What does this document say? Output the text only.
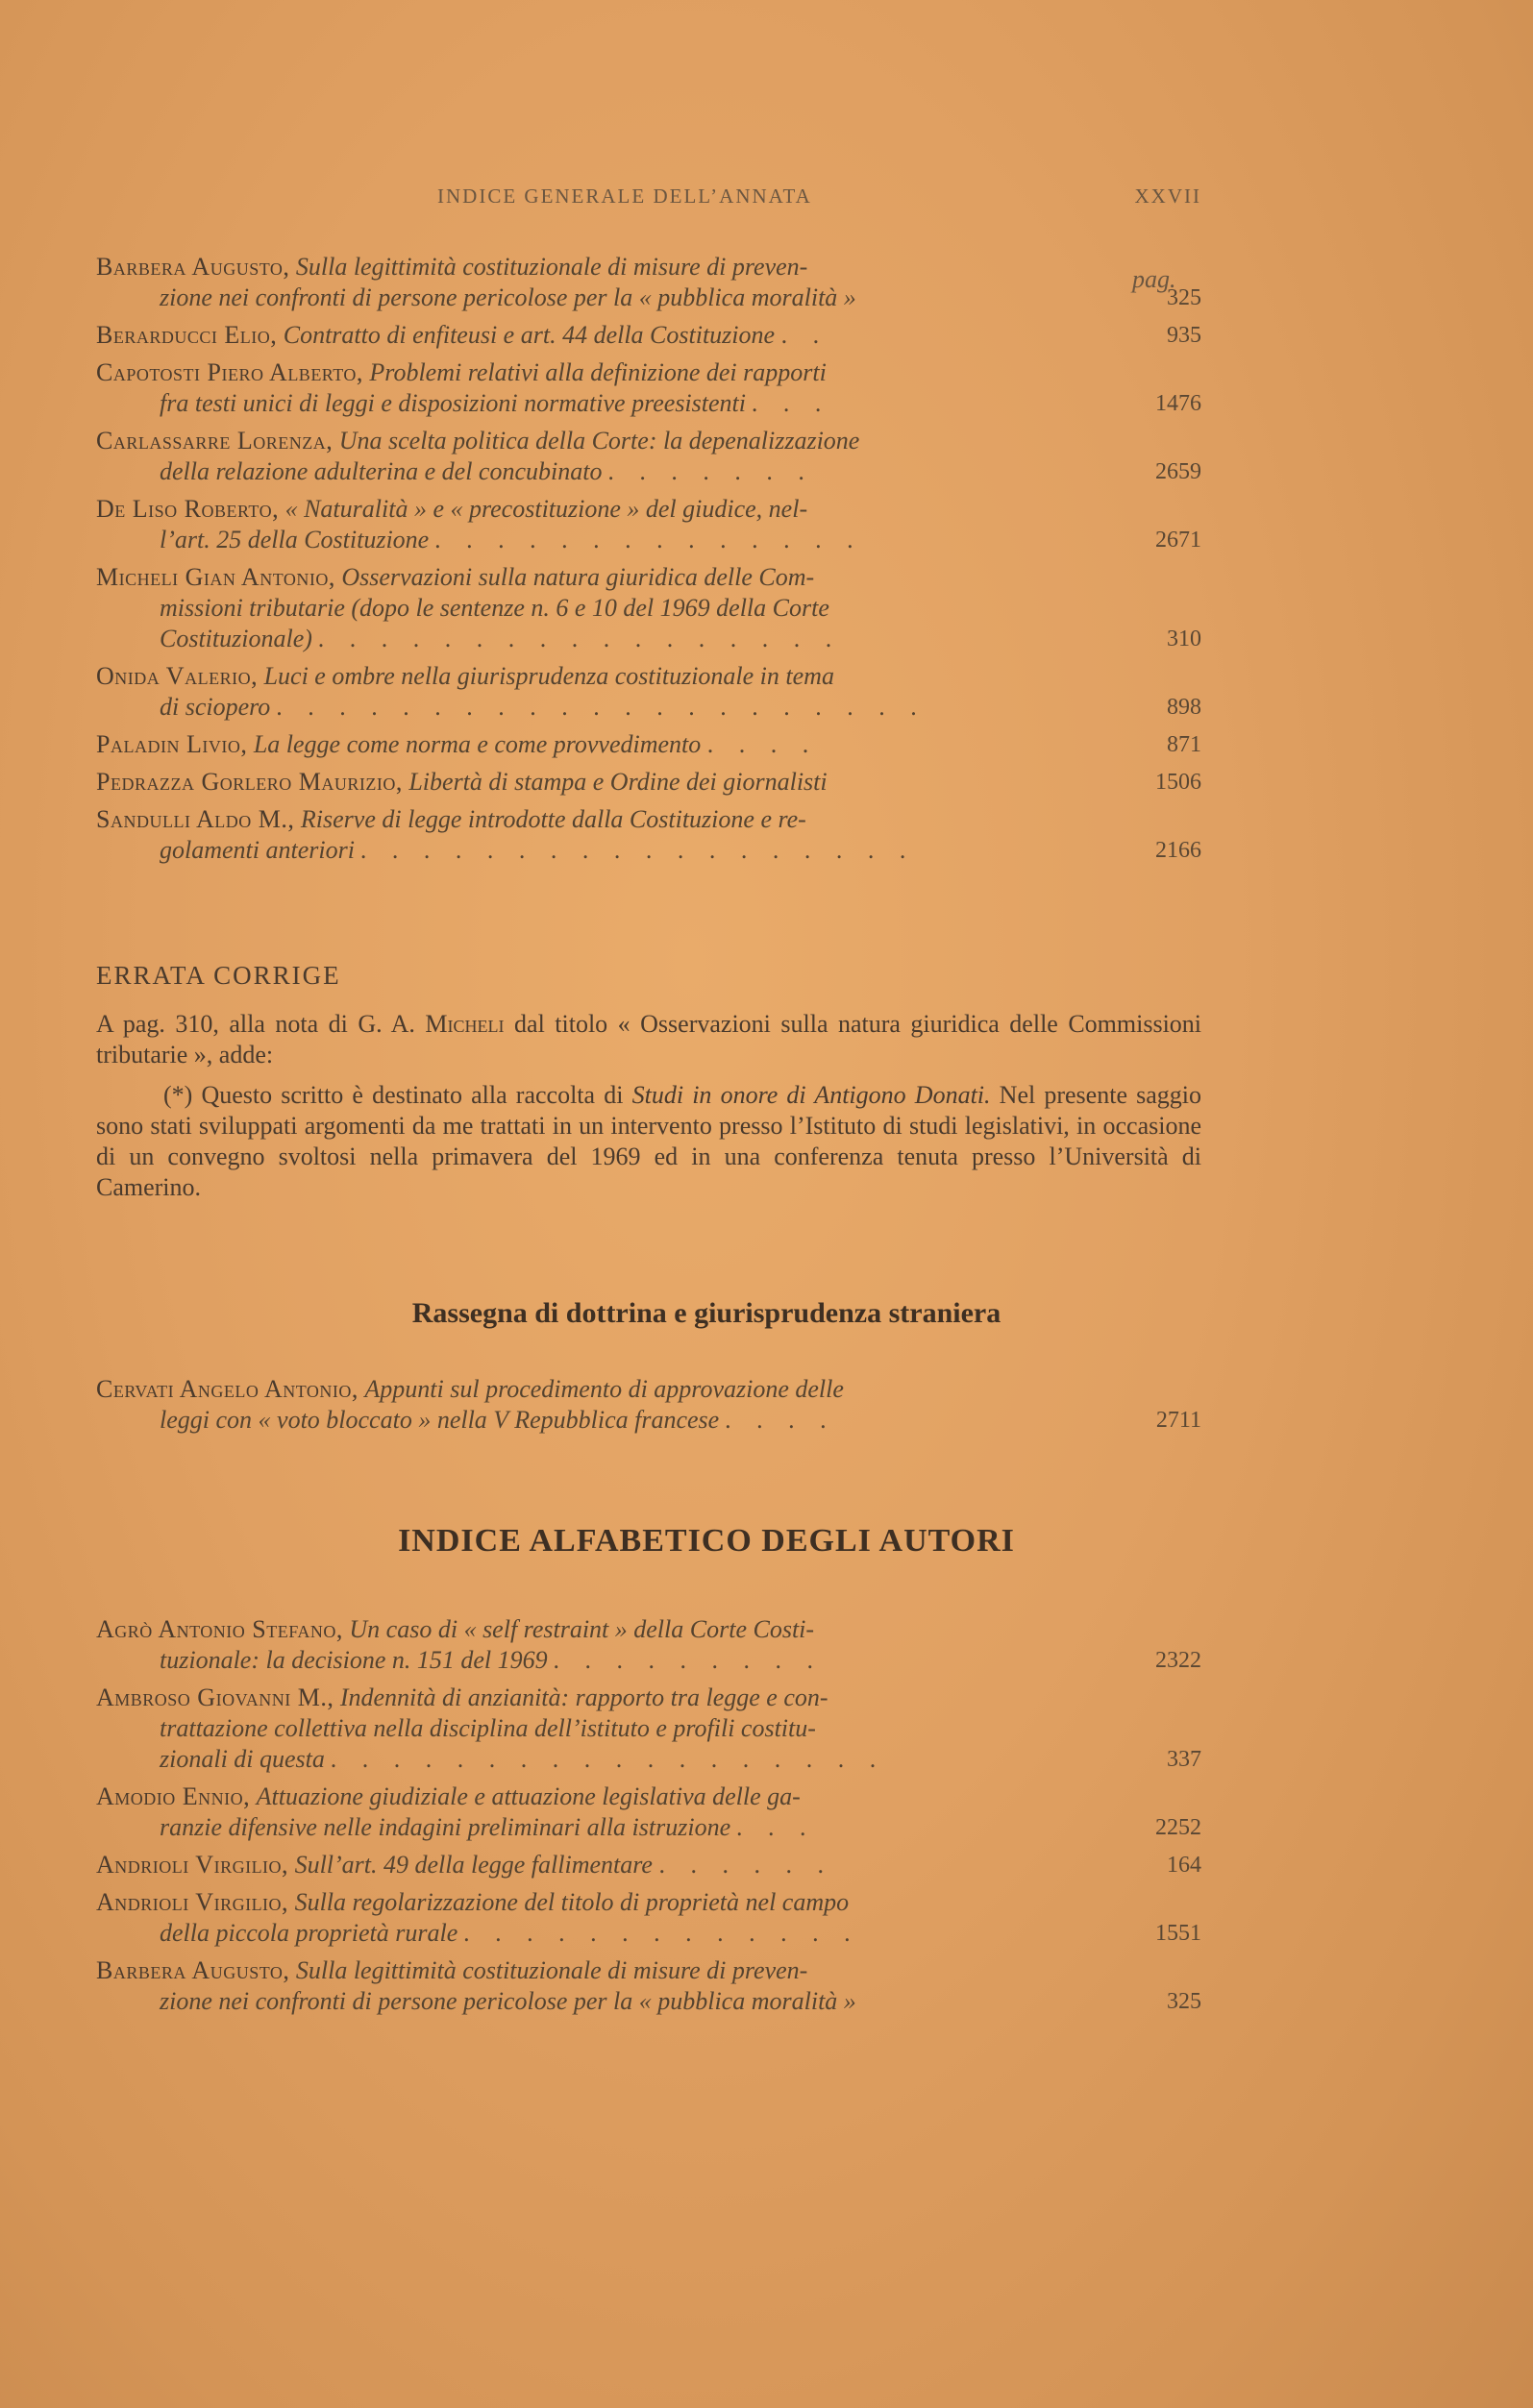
INDICE GENERALE DELL’ANNATA	XXVII
pag.
Barbera Augusto, Sulla legittimità costituzionale di misure di preven-
zione nei confronti di persone pericolose per la « pubblica moralità »	325
Berarducci Elio, Contratto di enfiteusi e art. 44 della Costituzione . .	935
Capotosti Piero Alberto, Problemi relativi alla definizione dei rapporti
fra testi unici di leggi e disposizioni normative preesistenti . . .	1476
Carlassarre Lorenza, Una scelta politica della Corte: la depenalizzazione
della relazione adulterina e del concubinato . . . . . . .	2659
De Liso Roberto, « Naturalità » e « precostituzione » del giudice, nel-
l’art. 25 della Costituzione . . . . . . . . . . . . . .	2671
Micheli Gian Antonio, Osservazioni sulla natura giuridica delle Com-
missioni tributarie (dopo le sentenze n. 6 e 10 del 1969 della Corte
Costituzionale) . . . . . . . . . . . . . . . . .	310
Onida Valerio, Luci e ombre nella giurisprudenza costituzionale in tema
di sciopero . . . . . . . . . . . . . . . . . . . . .	898
Paladin Livio, La legge come norma e come provvedimento . . . .	871
Pedrazza Gorlero Maurizio, Libertà di stampa e Ordine dei giornalisti	1506
Sandulli Aldo M., Riserve di legge introdotte dalla Costituzione e re-
golamenti anteriori . . . . . . . . . . . . . . . . . .	2166
ERRATA CORRIGE

A pag. 310, alla nota di G. A. Micheli dal titolo « Osservazioni sulla natura giuridica delle Commissioni tributarie », adde:

(*) Questo scritto è destinato alla raccolta di Studi in onore di Antigono Donati. Nel presente saggio sono stati sviluppati argomenti da me trattati in un intervento presso l’Istituto di studi legislativi, in occasione di un convegno svoltosi nella primavera del 1969 ed in una conferenza tenuta presso l’Università di Camerino.

Rassegna di dottrina e giurisprudenza straniera
Cervati Angelo Antonio, Appunti sul procedimento di approvazione delle
leggi con « voto bloccato » nella V Repubblica francese . . . .	2711
INDICE ALFABETICO DEGLI AUTORI
Agrò Antonio Stefano, Un caso di « self restraint » della Corte Costi-
tuzionale: la decisione n. 151 del 1969 . . . . . . . . .	2322
Ambroso Giovanni M., Indennità di anzianità: rapporto tra legge e con-
trattazione collettiva nella disciplina dell’istituto e profili costitu-
zionali di questa . . . . . . . . . . . . . . . . . .	337
Amodio Ennio, Attuazione giudiziale e attuazione legislativa delle ga-
ranzie difensive nelle indagini preliminari alla istruzione . . .	2252
Andrioli Virgilio, Sull’art. 49 della legge fallimentare . . . . . .	164
Andrioli Virgilio, Sulla regolarizzazione del titolo di proprietà nel campo
della piccola proprietà rurale . . . . . . . . . . . . .	1551
Barbera Augusto, Sulla legittimità costituzionale di misure di preven-
zione nei confronti di persone pericolose per la « pubblica moralità »	325
